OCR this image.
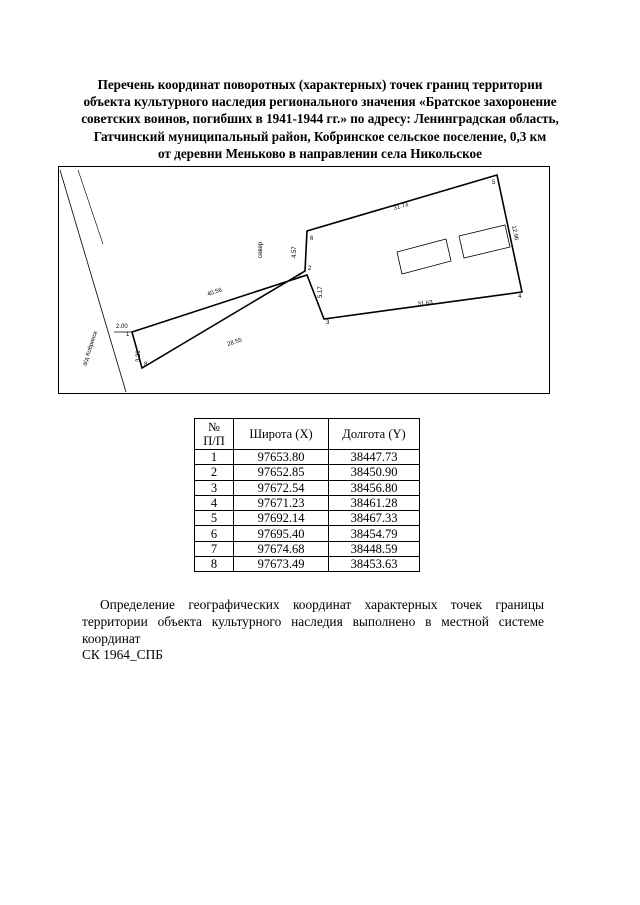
Перечень координат поворотных (характерных) точек границ территории
объекта культурного наследия регионального значения «Братское захоронение
советских воинов, погибших в 1941-1944 гг.» по адресу: Ленинградская область,
Гатчинский муниципальный район, Кобринское сельское поселение, 0,3 км
от деревни Меньково в направлении села Никольское
2.00
40.56
4.57
31.73
12.96
31.63
5.17
28.55
3.21
а/д Кобринск
север
1
2
3
4
5
6
7
8
№
П/П	Широта (X)	Долгота (Y)
1	97653.80	38447.73
2	97652.85	38450.90
3	97672.54	38456.80
4	97671.23	38461.28
5	97692.14	38467.33
6	97695.40	38454.79
7	97674.68	38448.59
8	97673.49	38453.63
Определение географических координат характерных точек границы
территории объекта культурного наследия выполнено в местной системе координат
СК 1964_СПБ
